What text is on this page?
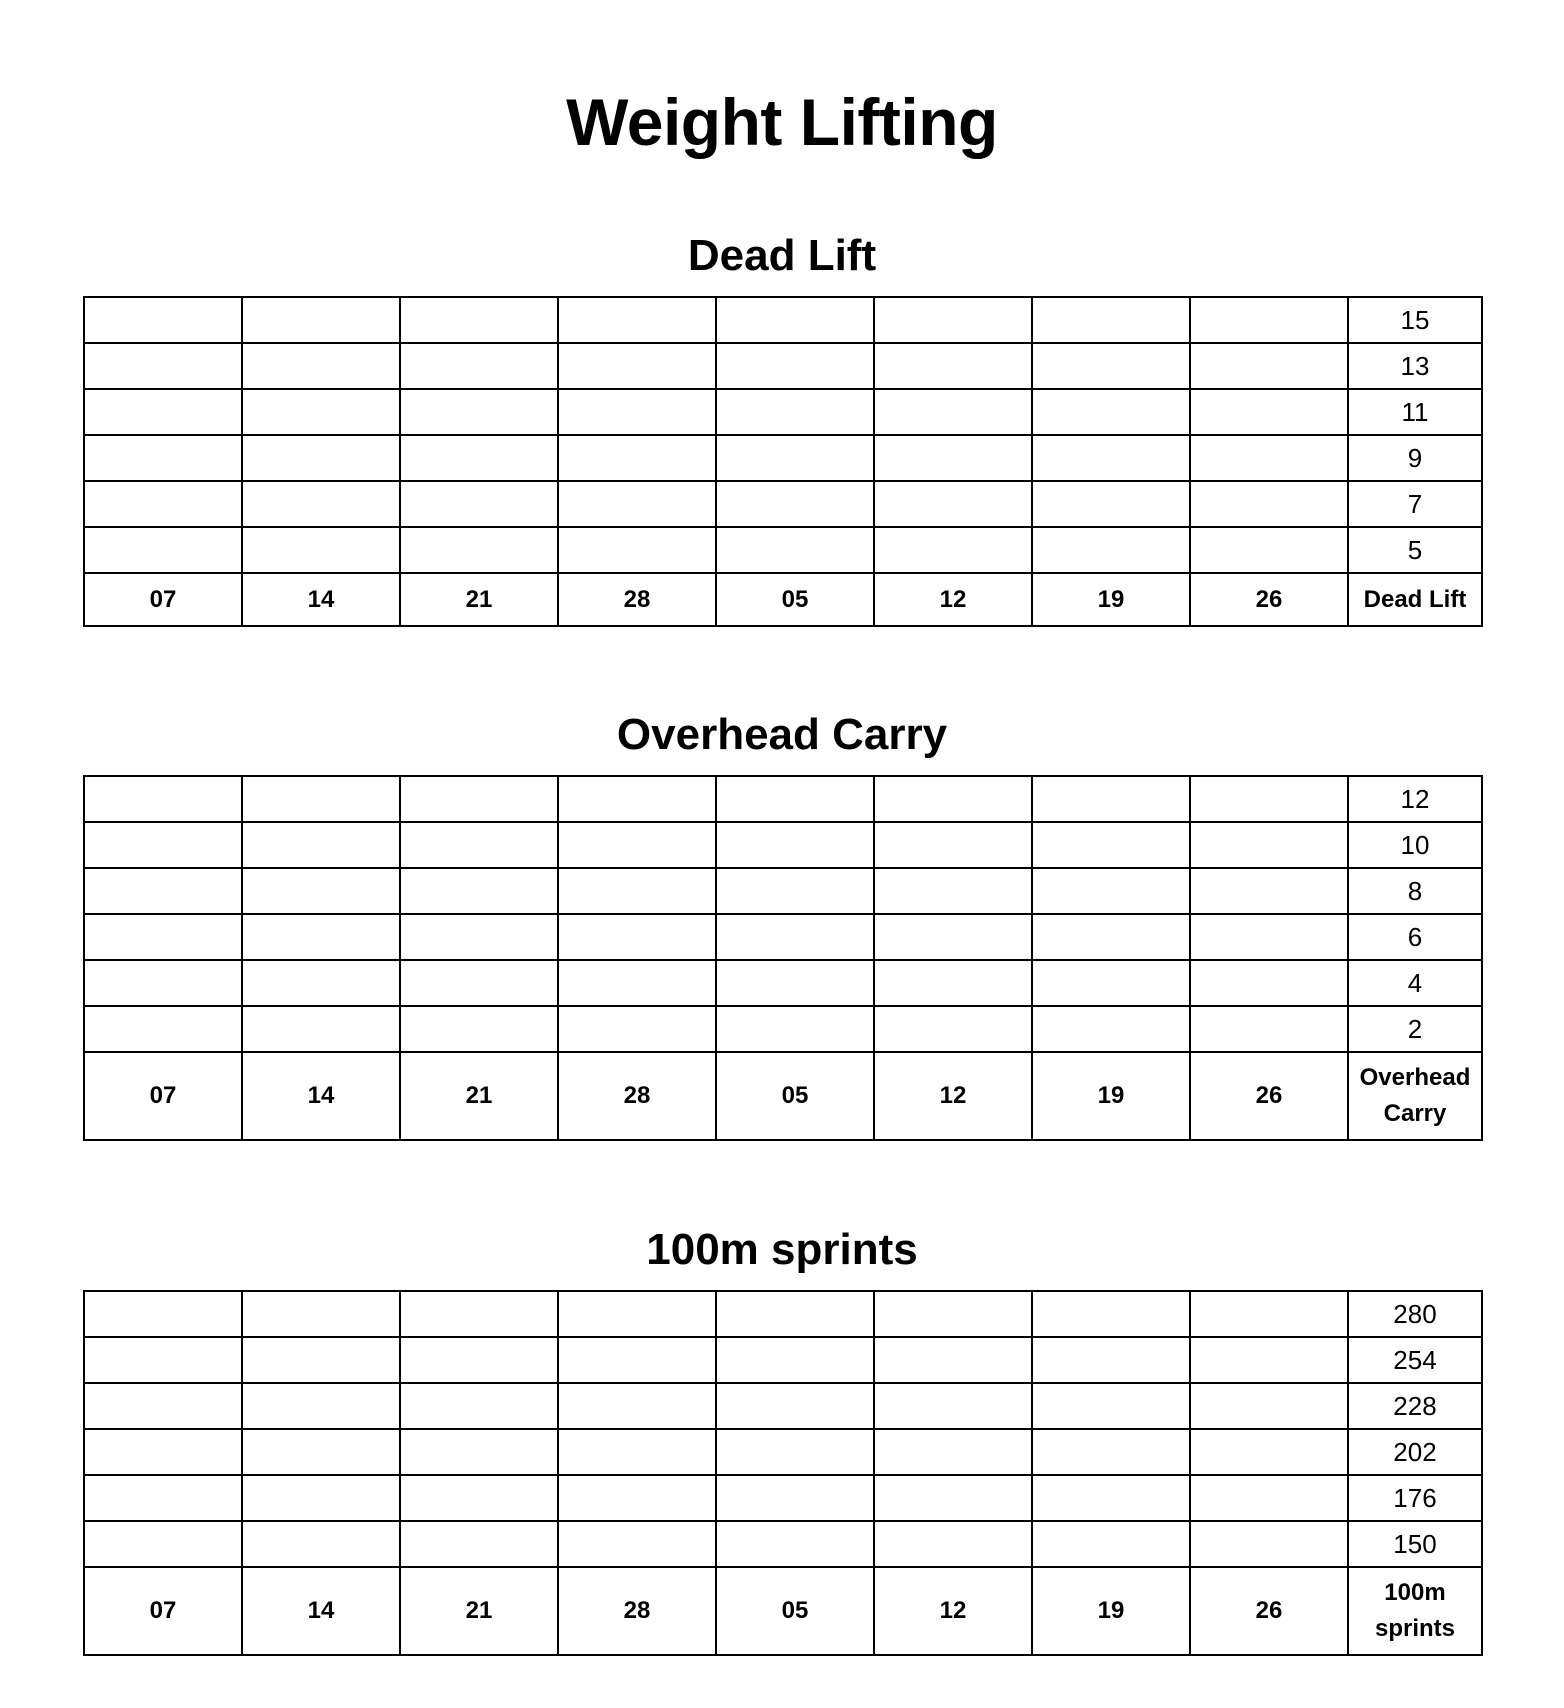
Weight Lifting
Dead Lift
								15
								13
								11
								9
								7
								5
07	14	21	28	05	12	19	26	Dead Lift
Overhead Carry
								12
								10
								8
								6
								4
								2
07	14	21	28	05	12	19	26	Overhead Carry
100m sprints
								280
								254
								228
								202
								176
								150
07	14	21	28	05	12	19	26	100m sprints
